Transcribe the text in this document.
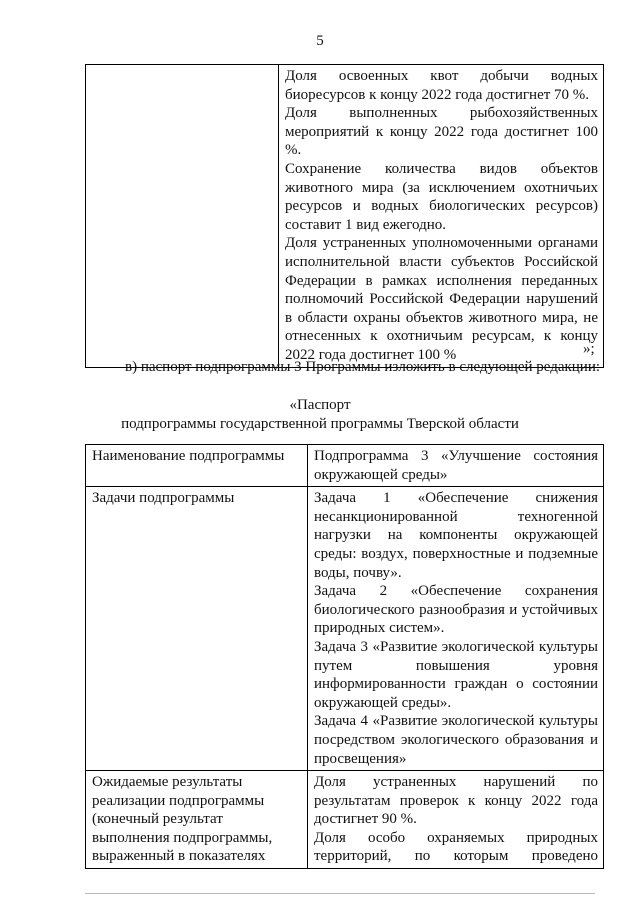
5

Доля освоенных квот добычи водных биоресурсов к концу 2022 года достигнет 70 %.

Доля выполненных рыбохозяйственных мероприятий к концу 2022 года достигнет 100 %.

Сохранение количества видов объектов животного мира (за исключением охотничьих ресурсов и водных биологических ресурсов) составит 1 вид ежегодно.

Доля устраненных уполномоченными органами исполнительной власти субъектов Российской Федерации в рамках исполнения переданных полномочий Российской Федерации нарушений в области охраны объектов животного мира, не отнесенных к охотничьим ресурсам, к концу 2022 года достигнет 100 %	»;
в) паспорт подпрограммы 3 Программы изложить в следующей редакции:
«Паспорт
подпрограммы государственной программы Тверской области
Наименование подпрограммы	Подпрограмма 3 «Улучшение состояния окружающей среды»

Задачи подпрограммы	Задача 1 «Обеспечение снижения несанкционированной техногенной нагрузки на компоненты окружающей среды: воздух, поверхностные и подземные воды, почву».

Задача 2 «Обеспечение сохранения биологического разнообразия и устойчивых природных систем».

Задача 3 «Развитие экологической культуры путем повышения уровня информированности граждан о состоянии окружающей среды».

Задача 4 «Развитие экологической культуры посредством экологического образования и просвещения»

Ожидаемые результаты реализации подпрограммы (конечный результат выполнения подпрограммы, выраженный в показателях	Доля устраненных нарушений по результатам проверок к концу 2022 года достигнет 90 %.

Доля особо охраняемых природных территорий, по которым проведено
